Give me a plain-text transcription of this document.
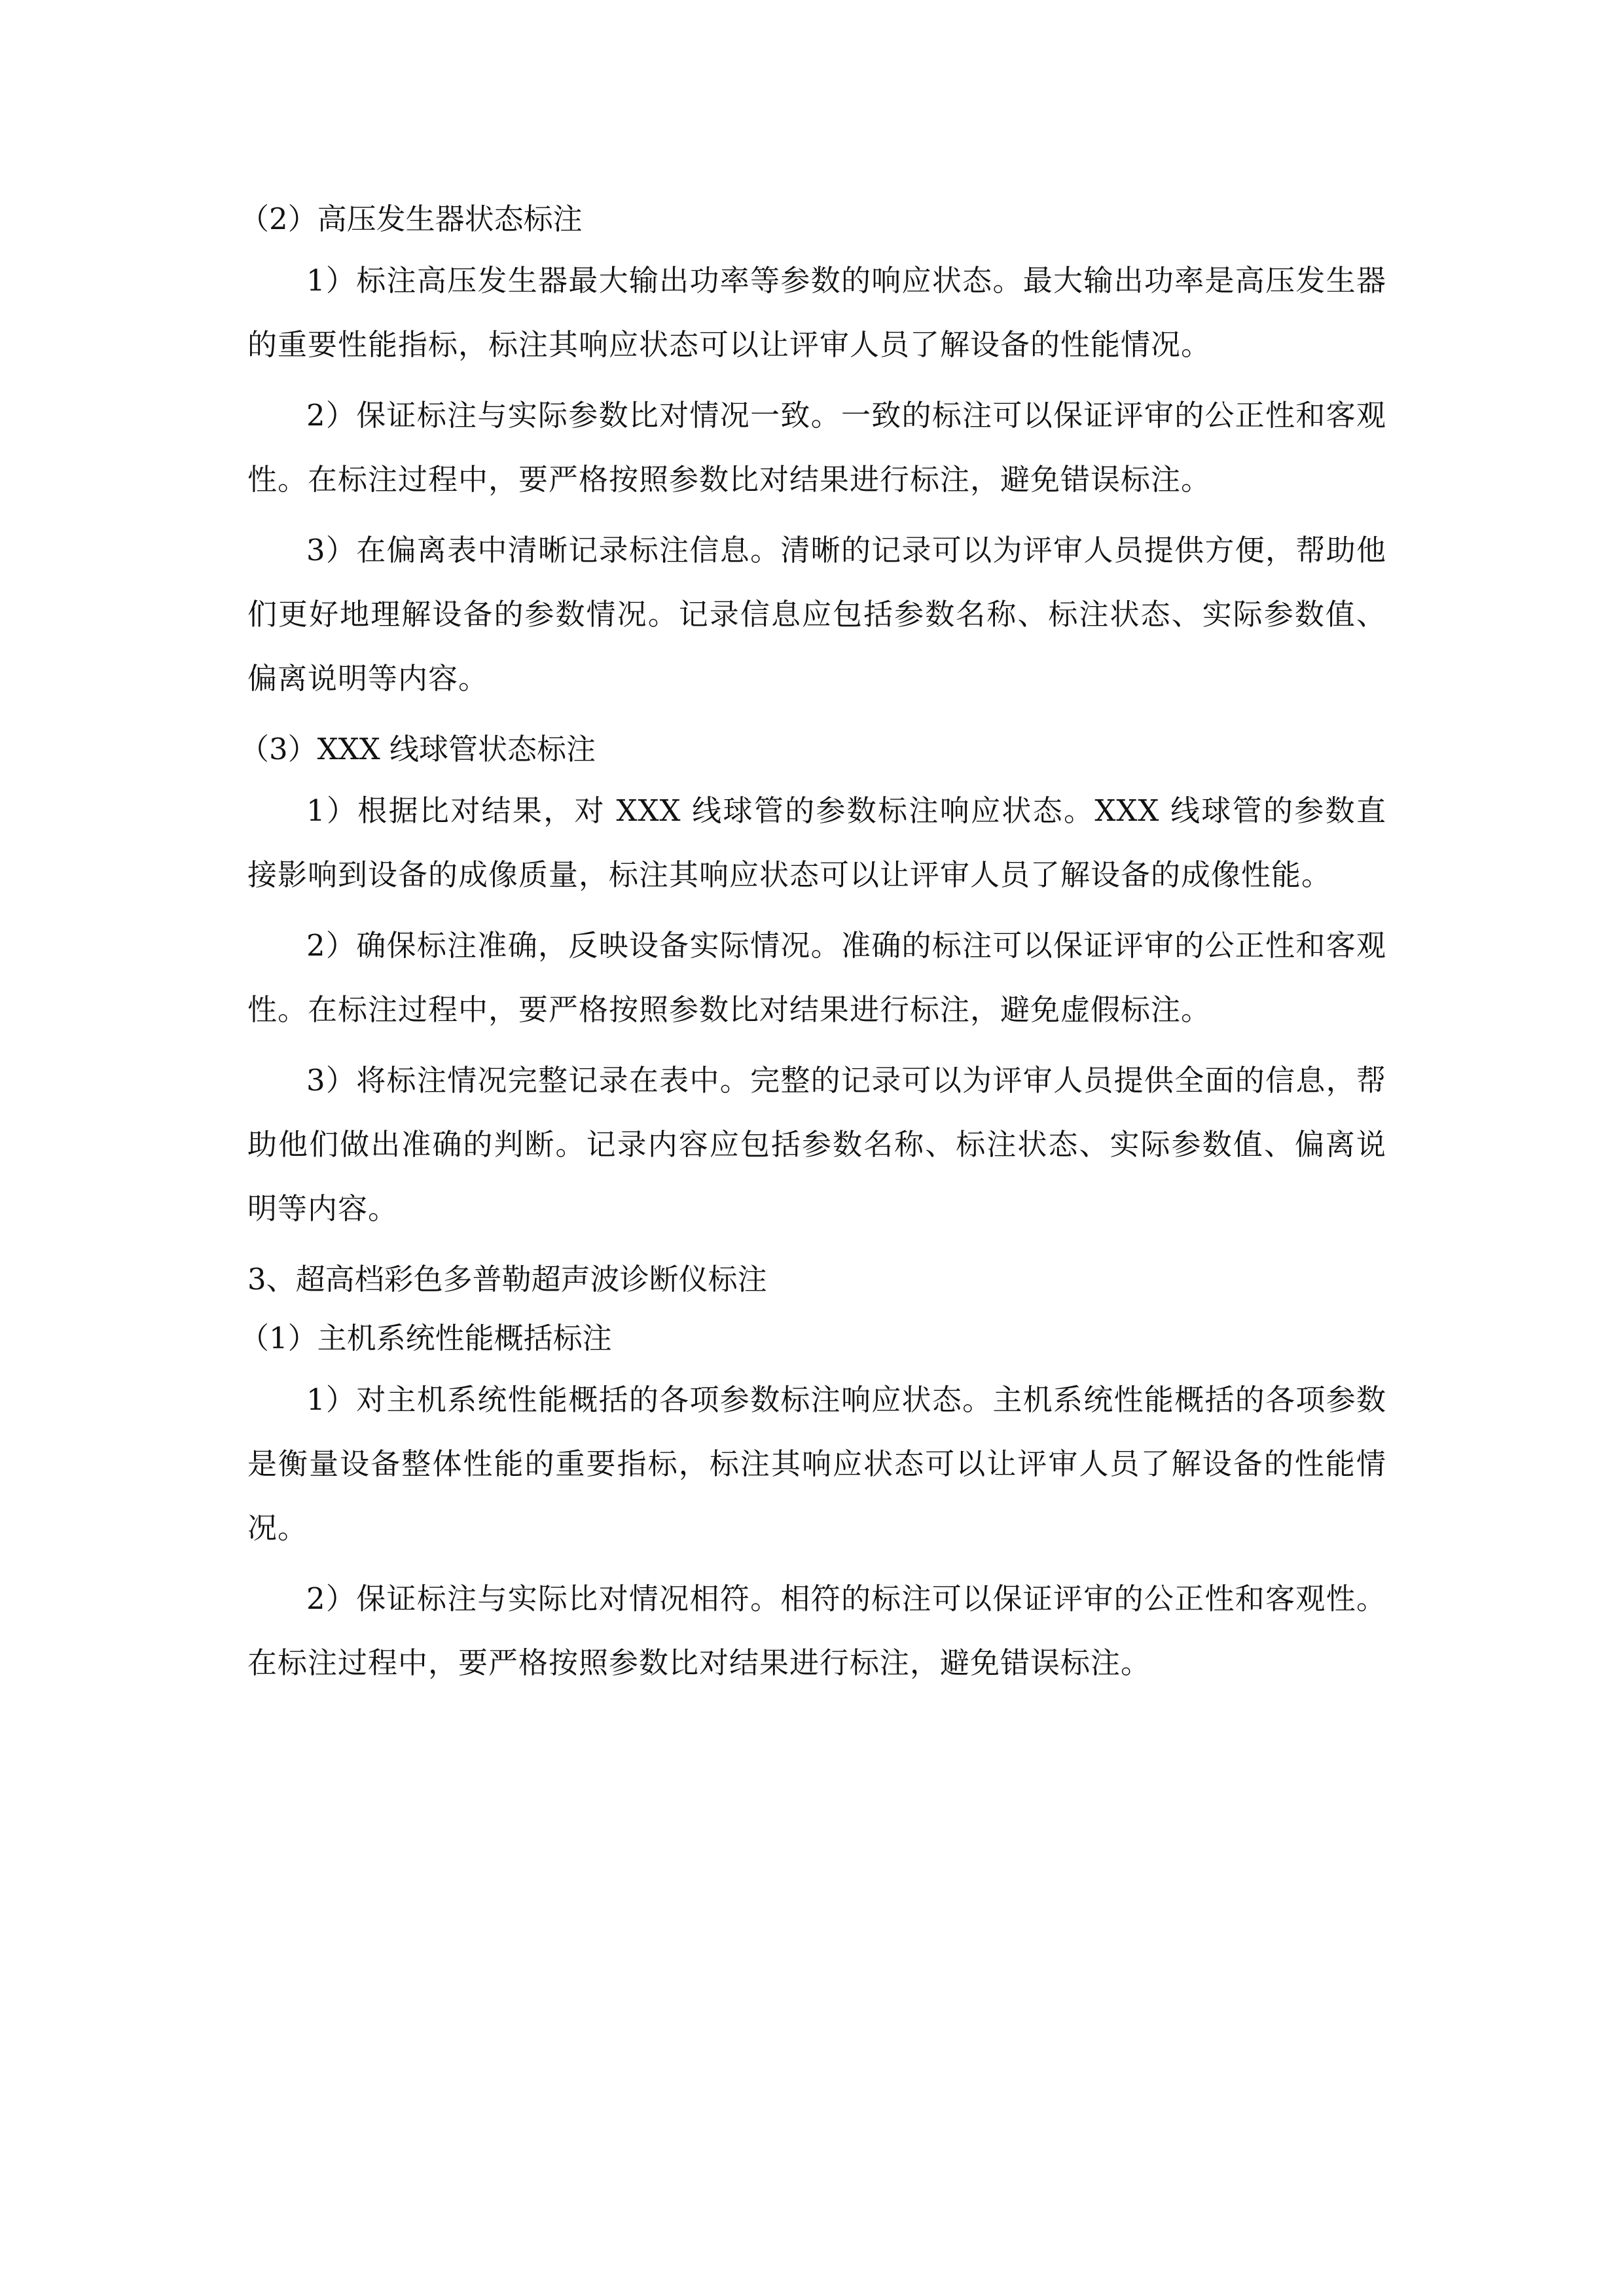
（2）高压发生器状态标注

1）标注高压发生器最大输出功率等参数的响应状态。最大输出功率是高压发生器的重要性能指标，标注其响应状态可以让评审人员了解设备的性能情况。

2）保证标注与实际参数比对情况一致。一致的标注可以保证评审的公正性和客观性。在标注过程中，要严格按照参数比对结果进行标注，避免错误标注。

3）在偏离表中清晰记录标注信息。清晰的记录可以为评审人员提供方便，帮助他们更好地理解设备的参数情况。记录信息应包括参数名称、标注状态、实际参数值、偏离说明等内容。

（3）XXX 线球管状态标注

1）根据比对结果，对 XXX 线球管的参数标注响应状态。XXX 线球管的参数直接影响到设备的成像质量，标注其响应状态可以让评审人员了解设备的成像性能。

2）确保标注准确，反映设备实际情况。准确的标注可以保证评审的公正性和客观性。在标注过程中，要严格按照参数比对结果进行标注，避免虚假标注。

3）将标注情况完整记录在表中。完整的记录可以为评审人员提供全面的信息，帮助他们做出准确的判断。记录内容应包括参数名称、标注状态、实际参数值、偏离说明等内容。

3、超高档彩色多普勒超声波诊断仪标注
（1）主机系统性能概括标注

1）对主机系统性能概括的各项参数标注响应状态。主机系统性能概括的各项参数是衡量设备整体性能的重要指标，标注其响应状态可以让评审人员了解设备的性能情况。

2）保证标注与实际比对情况相符。相符的标注可以保证评审的公正性和客观性。在标注过程中，要严格按照参数比对结果进行标注，避免错误标注。
